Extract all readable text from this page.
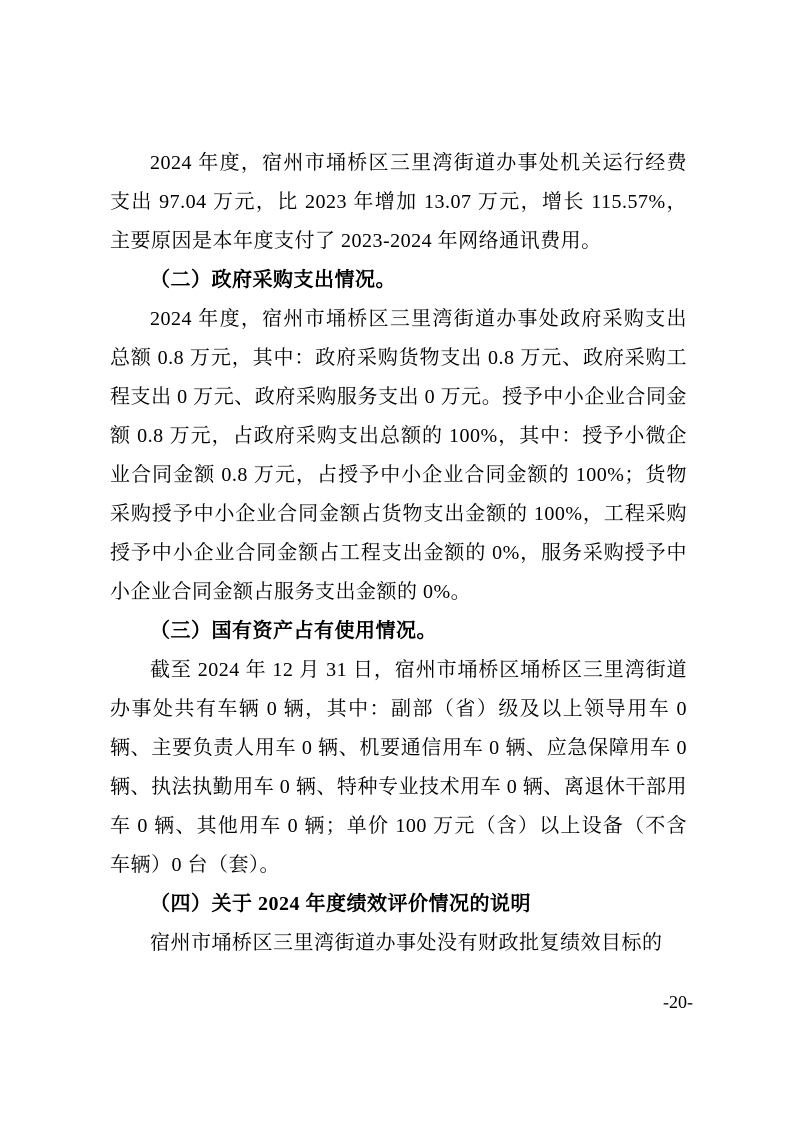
2024 年度，宿州市埇桥区三里湾街道办事处机关运行经费支出 97.04 万元，比 2023 年增加 13.07 万元，增长 115.57%，主要原因是本年度支付了 2023-2024 年网络通讯费用。

（二）政府采购支出情况。

2024 年度，宿州市埇桥区三里湾街道办事处政府采购支出总额 0.8 万元，其中：政府采购货物支出 0.8 万元、政府采购工程支出 0 万元、政府采购服务支出 0 万元。授予中小企业合同金额 0.8 万元，占政府采购支出总额的 100%，其中：授予小微企业合同金额 0.8 万元，占授予中小企业合同金额的 100%；货物采购授予中小企业合同金额占货物支出金额的 100%，工程采购授予中小企业合同金额占工程支出金额的 0%，服务采购授予中小企业合同金额占服务支出金额的 0%。

（三）国有资产占有使用情况。

截至 2024 年 12 月 31 日，宿州市埇桥区埇桥区三里湾街道办事处共有车辆 0 辆，其中：副部（省）级及以上领导用车 0 辆、主要负责人用车 0 辆、机要通信用车 0 辆、应急保障用车 0 辆、执法执勤用车 0 辆、特种专业技术用车 0 辆、离退休干部用车 0 辆、其他用车 0 辆；单价 100 万元（含）以上设备（不含车辆）0 台（套）。

（四）关于 2024 年度绩效评价情况的说明

宿州市埇桥区三里湾街道办事处没有财政批复绩效目标的

-20-
